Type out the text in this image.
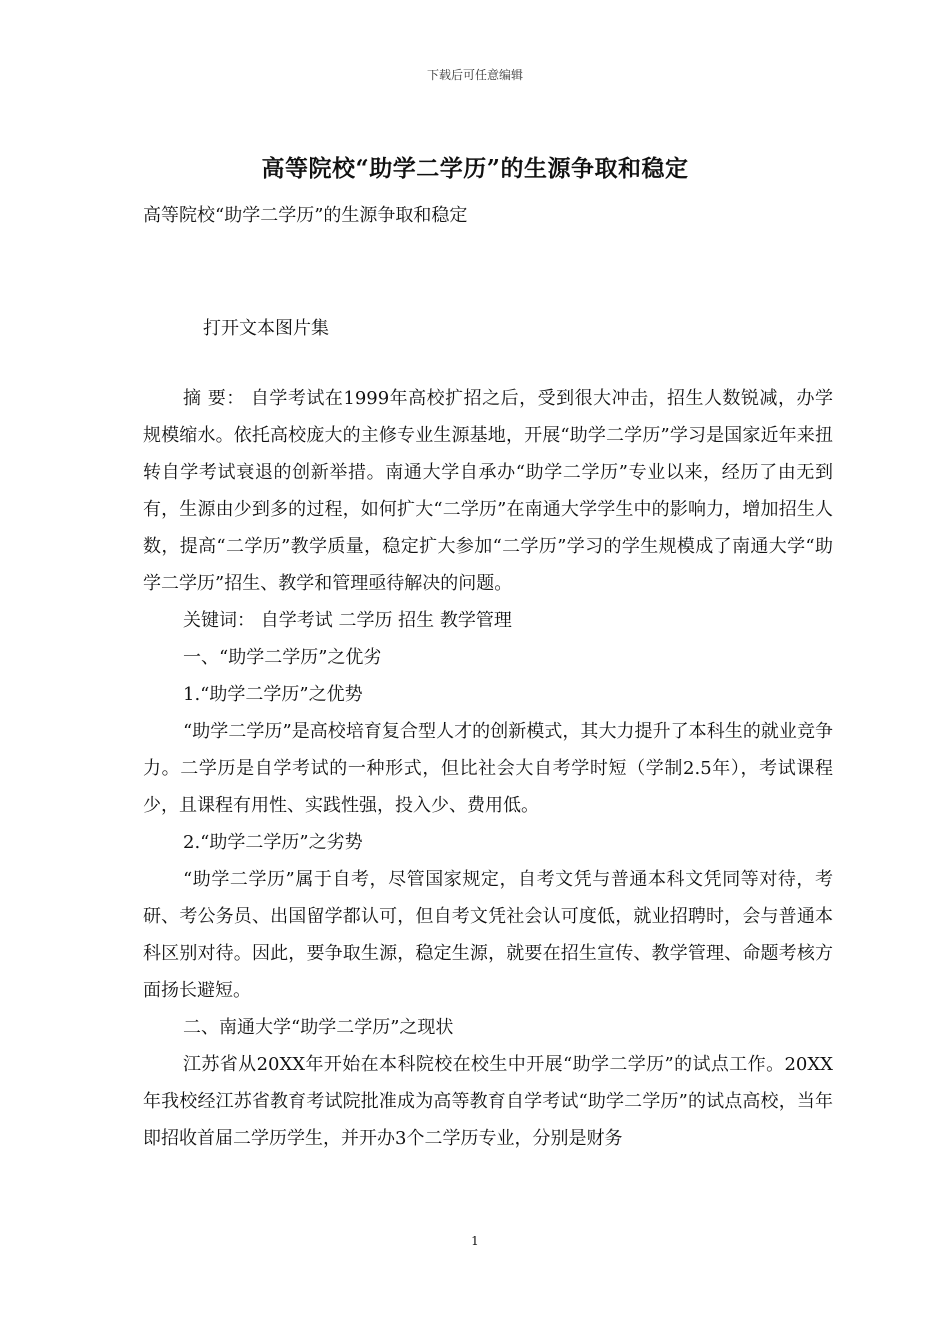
下载后可任意编辑
高等院校“助学二学历”的生源争取和稳定
高等院校“助学二学历”的生源争取和稳定
打开文本图片集

摘 要： 自学考试在1999年高校扩招之后，受到很大冲击，招生人数锐减，办学规模缩水。依托高校庞大的主修专业生源基地，开展“助学二学历”学习是国家近年来扭转自学考试衰退的创新举措。南通大学自承办“助学二学历”专业以来，经历了由无到有，生源由少到多的过程，如何扩大“二学历”在南通大学学生中的影响力，增加招生人数，提高“二学历”教学质量，稳定扩大参加“二学历”学习的学生规模成了南通大学“助学二学历”招生、教学和管理亟待解决的问题。

关键词： 自学考试 二学历 招生 教学管理

一、“助学二学历”之优劣

1.“助学二学历”之优势

“助学二学历”是高校培育复合型人才的创新模式，其大力提升了本科生的就业竞争力。二学历是自学考试的一种形式，但比社会大自考学时短（学制2.5年），考试课程少，且课程有用性、实践性强，投入少、费用低。

2.“助学二学历”之劣势

“助学二学历”属于自考，尽管国家规定，自考文凭与普通本科文凭同等对待，考研、考公务员、出国留学都认可，但自考文凭社会认可度低，就业招聘时，会与普通本科区别对待。因此，要争取生源，稳定生源，就要在招生宣传、教学管理、命题考核方面扬长避短。

二、南通大学“助学二学历”之现状

江苏省从20XX年开始在本科院校在校生中开展“助学二学历”的试点工作。20XX年我校经江苏省教育考试院批准成为高等教育自学考试“助学二学历”的试点高校，当年即招收首届二学历学生，并开办3个二学历专业，分别是财务

1
